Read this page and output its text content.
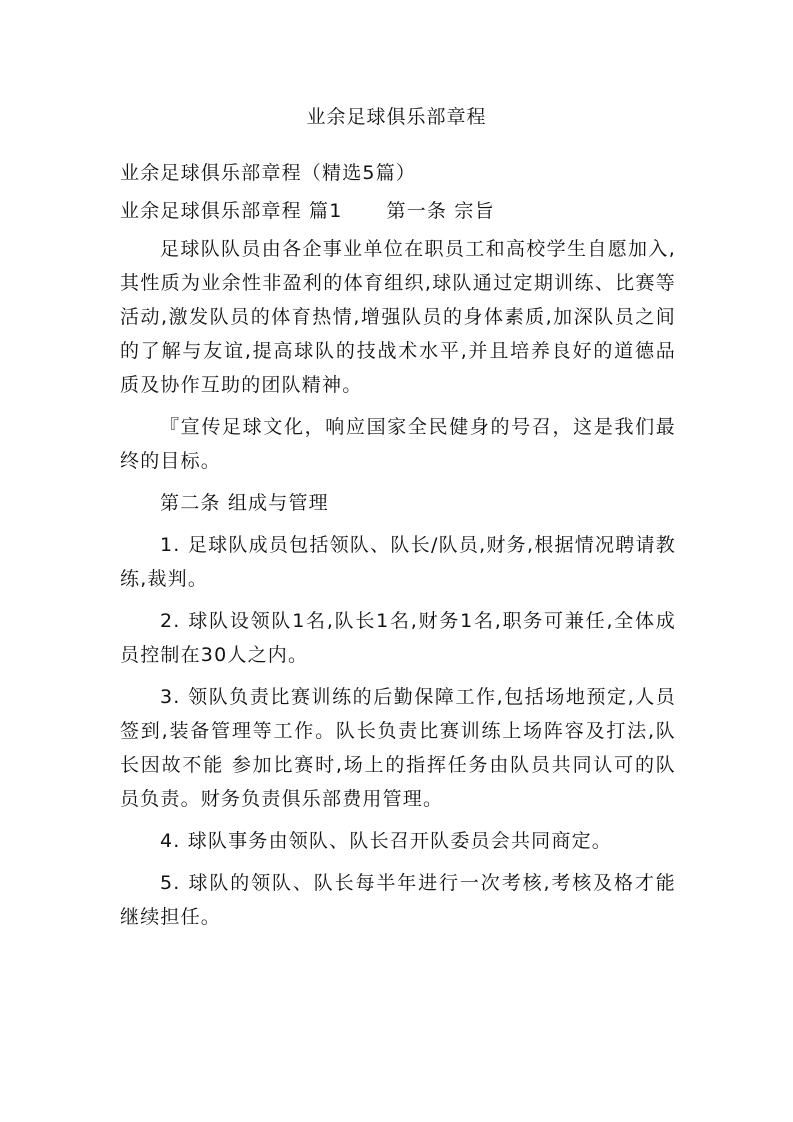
业余足球俱乐部章程

业余足球俱乐部章程（精选5篇）

业余足球俱乐部章程 篇1 第一条 宗旨

足球队队员由各企事业单位在职员工和高校学生自愿加入,其性质为业余性非盈利的体育组织,球队通过定期训练、比赛等活动,激发队员的体育热情,增强队员的身体素质,加深队员之间的了解与友谊,提高球队的技战术水平,并且培养良好的道德品质及协作互助的团队精神。

『宣传足球文化，响应国家全民健身的号召，这是我们最终的目标。

第二条 组成与管理

1. 足球队成员包括领队、队长/队员,财务,根据情况聘请教练,裁判。

2. 球队设领队1名,队长1名,财务1名,职务可兼任,全体成员控制在30人之内。

3. 领队负责比赛训练的后勤保障工作,包括场地预定,人员签到,装备管理等工作。队长负责比赛训练上场阵容及打法,队长因故不能 参加比赛时,场上的指挥任务由队员共同认可的队员负责。财务负责俱乐部费用管理。

4. 球队事务由领队、队长召开队委员会共同商定。

5. 球队的领队、队长每半年进行一次考核,考核及格才能继续担任。
